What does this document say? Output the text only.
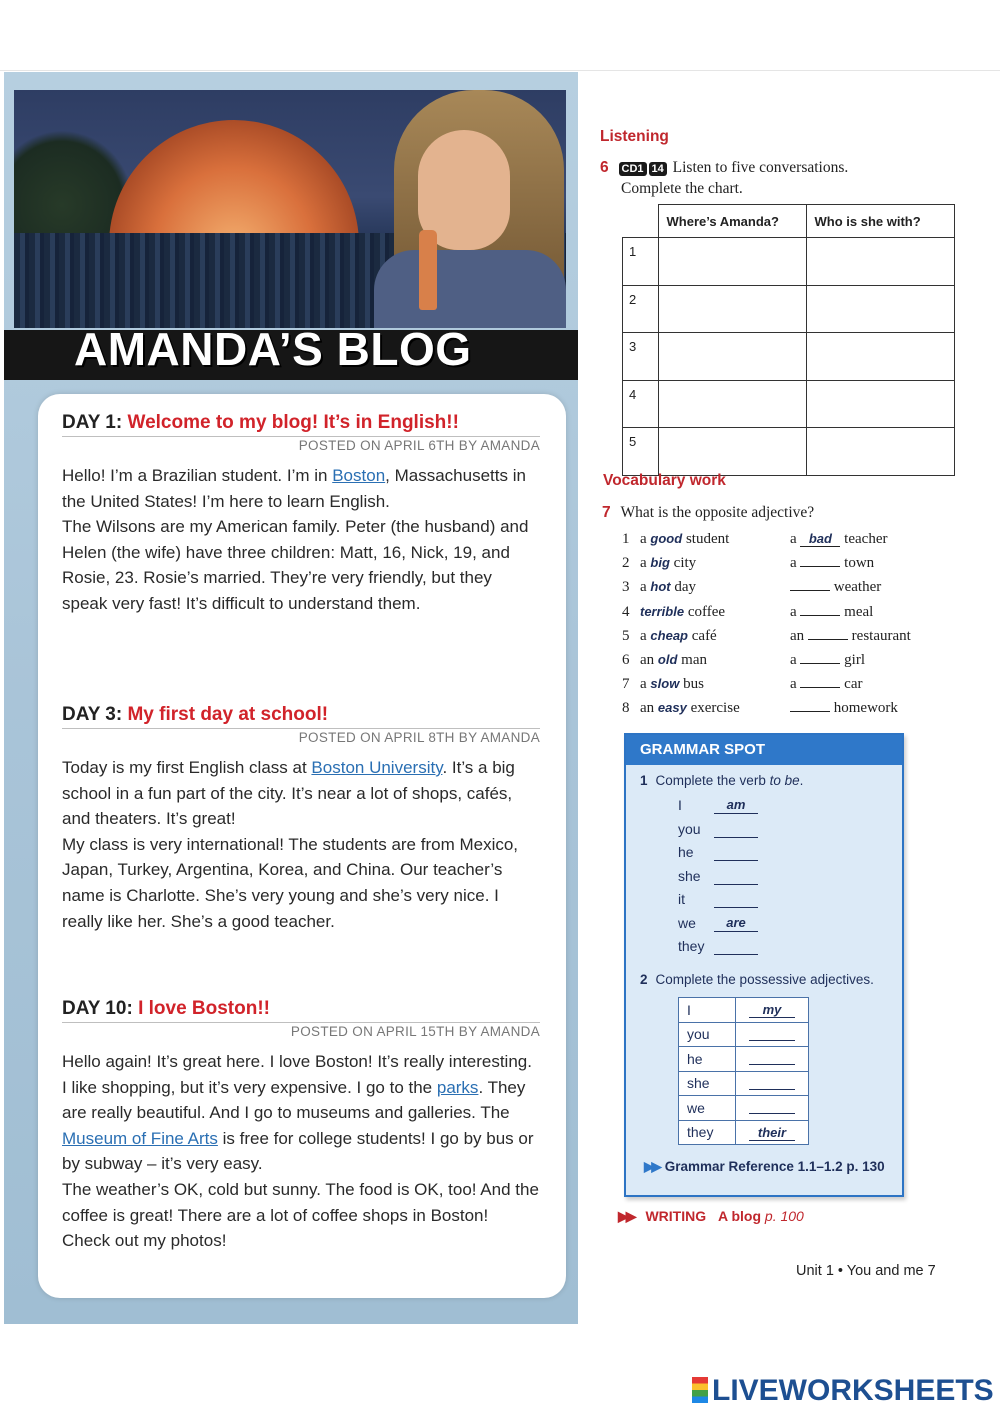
AMANDA’S BLOG
DAY 1: Welcome to my blog! It’s in English!!
POSTED ON APRIL 6TH BY AMANDA

Hello! I’m a Brazilian student. I’m in Boston, Massachusetts in the United States! I’m here to learn English.

The Wilsons are my American family. Peter (the husband) and Helen (the wife) have three children: Matt, 16, Nick, 19, and Rosie, 23. Rosie’s married. They’re very friendly, but they speak very fast! It’s difficult to understand them.

DAY 3: My first day at school!
POSTED ON APRIL 8TH BY AMANDA

Today is my first English class at Boston University. It’s a big school in a fun part of the city. It’s near a lot of shops, cafés, and theaters. It’s great!

My class is very international! The students are from Mexico, Japan, Turkey, Argentina, Korea, and China. Our teacher’s name is Charlotte. She’s very young and she’s very nice. I really like her. She’s a good teacher.

DAY 10: I love Boston!!
POSTED ON APRIL 15TH BY AMANDA

Hello again! It’s great here. I love Boston! It’s really interesting. I like shopping, but it’s very expensive. I go to the parks. They are really beautiful. And I go to museums and galleries. The Museum of Fine Arts is free for college students! I go by bus or by subway – it’s very easy.

The weather’s OK, cold but sunny. The food is OK, too! And the coffee is great! There are a lot of coffee shops in Boston! Check out my photos!

Listening
6 CD1 14 Listen to five conversations.
Complete the chart.
	Where’s Amanda?	Who is she with?
1		
2		
3		
4		
5		
Vocabulary work
7 What is the opposite adjective?
1 a good student	a bad teacher
2 a big city	a	town
3 a hot day	weather
4 terrible coffee	a	meal
5 a cheap café	an	restaurant
6 an old man	a	girl
7 a slow bus	a	car
8 an easy exercise	homework
GRAMMAR SPOT
1 Complete the verb to be.
I	am
you
he
she
it
we	are
they
2 Complete the possessive adjectives.
I	my
you	
he	
she	
we	
they	their
▶▶ Grammar Reference 1.1–1.2 p. 130
▶▶ WRITING A blog p. 100
Unit 1 • You and me 7
LIVEWORKSHEETS
